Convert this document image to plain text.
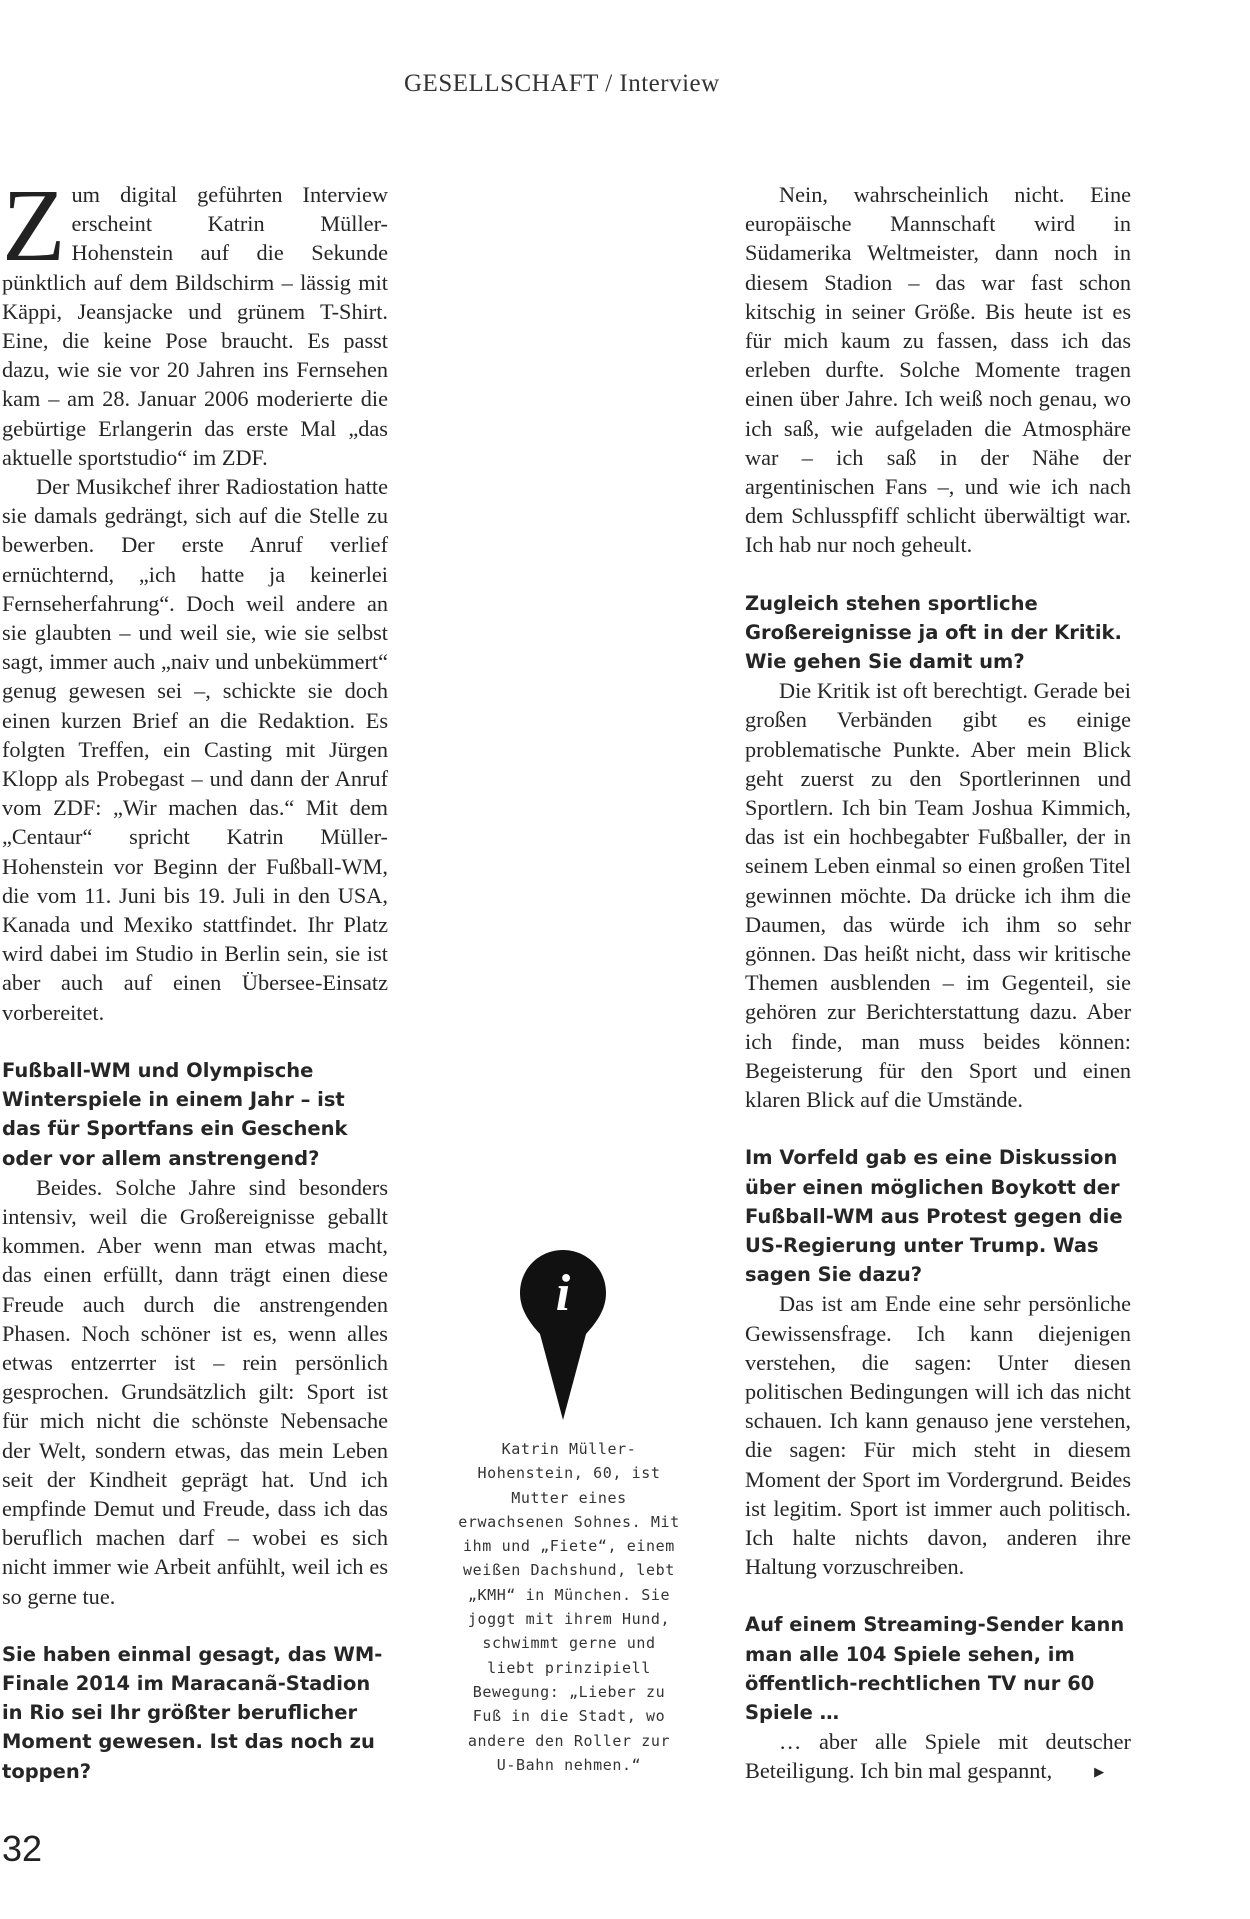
GESELLSCHAFT / Interview

Zum digital geführten Interview erscheint Katrin Müller-Hohenstein auf die Sekunde pünktlich auf dem Bildschirm – lässig mit Käppi, Jeansjacke und grünem T-Shirt. Eine, die keine Pose braucht. Es passt dazu, wie sie vor 20 Jahren ins Fernsehen kam – am 28. Januar 2006 moderierte die gebürtige Erlangerin das erste Mal „das aktuelle sportstudio“ im ZDF.

Der Musikchef ihrer Radiostation hatte sie damals gedrängt, sich auf die Stelle zu bewerben. Der erste Anruf verlief ernüchternd, „ich hatte ja keinerlei Fernseherfahrung“. Doch weil andere an sie glaubten – und weil sie, wie sie selbst sagt, immer auch „naiv und unbekümmert“ genug gewesen sei –, schickte sie doch einen kurzen Brief an die Redaktion. Es folgten Treffen, ein Casting mit Jürgen Klopp als Probegast – und dann der Anruf vom ZDF: „Wir machen das.“ Mit dem „Centaur“ spricht Katrin Müller-Hohenstein vor Beginn der Fußball-WM, die vom 11. Juni bis 19. Juli in den USA, Kanada und Mexiko stattfindet. Ihr Platz wird dabei im Studio in Berlin sein, sie ist aber auch auf einen Übersee-Einsatz vorbereitet.

Fußball-WM und Olympische Winterspiele in einem Jahr – ist das für Sportfans ein Geschenk oder vor allem anstrengend?

Beides. Solche Jahre sind besonders intensiv, weil die Großereignisse geballt kommen. Aber wenn man etwas macht, das einen erfüllt, dann trägt einen diese Freude auch durch die anstrengenden Phasen. Noch schöner ist es, wenn alles etwas entzerrter ist – rein persönlich gesprochen. Grundsätzlich gilt: Sport ist für mich nicht die schönste Nebensache der Welt, sondern etwas, das mein Leben seit der Kindheit geprägt hat. Und ich empfinde Demut und Freude, dass ich das beruflich machen darf – wobei es sich nicht immer wie Arbeit anfühlt, weil ich es so gerne tue.

Sie haben einmal gesagt, das WM-Finale 2014 im Maracanã-Stadion in Rio sei Ihr größter beruflicher Moment gewesen. Ist das noch zu toppen?

i
Katrin Müller-Hohenstein, 60, ist Mutter eines erwachsenen Sohnes. Mit ihm und „Fiete“, einem weißen Dachshund, lebt „KMH“ in München. Sie joggt mit ihrem Hund, schwimmt gerne und liebt prinzipiell Bewegung: „Lieber zu Fuß in die Stadt, wo andere den Roller zur U-Bahn nehmen.“

Nein, wahrscheinlich nicht. Eine europäische Mannschaft wird in Südamerika Weltmeister, dann noch in diesem Stadion – das war fast schon kitschig in seiner Größe. Bis heute ist es für mich kaum zu fassen, dass ich das erleben durfte. Solche Momente tragen einen über Jahre. Ich weiß noch genau, wo ich saß, wie aufgeladen die Atmosphäre war – ich saß in der Nähe der argentinischen Fans –, und wie ich nach dem Schlusspfiff schlicht überwältigt war. Ich hab nur noch geheult.

Zugleich stehen sportliche Großereignisse ja oft in der Kritik. Wie gehen Sie damit um?

Die Kritik ist oft berechtigt. Gerade bei großen Verbänden gibt es einige problematische Punkte. Aber mein Blick geht zuerst zu den Sportlerinnen und Sportlern. Ich bin Team Joshua Kimmich, das ist ein hochbegabter Fußballer, der in seinem Leben einmal so einen großen Titel gewinnen möchte. Da drücke ich ihm die Daumen, das würde ich ihm so sehr gönnen. Das heißt nicht, dass wir kritische Themen ausblenden – im Gegenteil, sie gehören zur Berichterstattung dazu. Aber ich finde, man muss beides können: Begeisterung für den Sport und einen klaren Blick auf die Umstände.

Im Vorfeld gab es eine Diskussion über einen möglichen Boykott der Fußball-WM aus Protest gegen die US-Regierung unter Trump. Was sagen Sie dazu?

Das ist am Ende eine sehr persönliche Gewissensfrage. Ich kann diejenigen verstehen, die sagen: Unter diesen politischen Bedingungen will ich das nicht schauen. Ich kann genauso jene verstehen, die sagen: Für mich steht in diesem Moment der Sport im Vordergrund. Beides ist legitim. Sport ist immer auch politisch. Ich halte nichts davon, anderen ihre Haltung vorzuschreiben.

Auf einem Streaming-Sender kann man alle 104 Spiele sehen, im öffentlich-rechtlichen TV nur 60 Spiele …

… aber alle Spiele mit deutscher Beteiligung. Ich bin mal gespannt,	▶

32
